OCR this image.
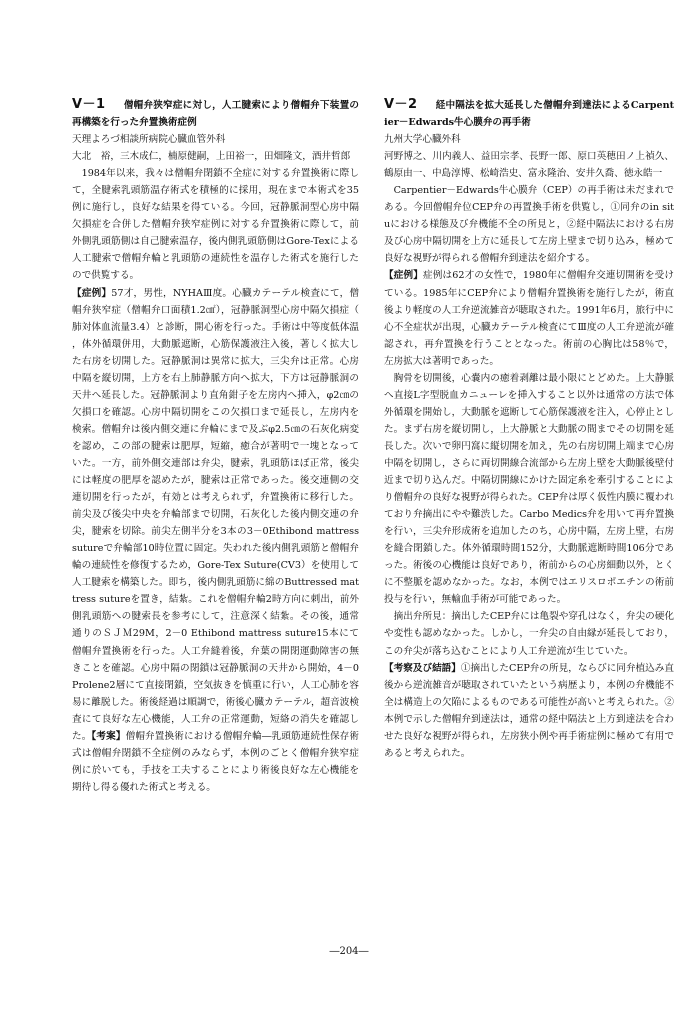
V－1 僧帽弁狭窄症に対し，人工腱索により僧帽弁下装置の再構築を行った弁置換術症例

天理よろづ相談所病院心臓血管外科

大北　裕，三木成仁，楠原健嗣，上田裕一，田畑隆文，酒井哲郎

1984年以来，我々は僧帽弁閉鎖不全症に対する弁置換術に際して，全腱索乳頭筋温存術式を積極的に採用，現在まで本術式を35例に施行し，良好な結果を得ている。今回，冠静脈洞型心房中隔欠損症を合併した僧帽弁狭窄症例に対する弁置換術に際して，前外側乳頭筋側は自己腱索温存，後内側乳頭筋側はGore-Texによる人工腱索で僧帽弁輪と乳頭筋の連続性を温存した術式を施行したので供覧する。

【症例】57才，男性，NYHAⅢ度。心臓カテーテル検査にて，僧帽弁狭窄症（僧帽弁口面積1.2㎠），冠静脈洞型心房中隔欠損症（肺対体血流量3.4）と診断，開心術を行った。手術は中等度低体温，体外循環併用，大動脈遮断，心筋保護液注入後，著しく拡大した右房を切開した。冠静脈洞は異常に拡大，三尖弁は正常。心房中隔を縦切開，上方を右上肺静脈方向へ拡大，下方は冠静脈洞の天井へ延長した。冠静脈洞より直角鉗子を左房内へ挿入，φ2㎝の欠損口を確認。心房中隔切開をこの欠損口まで延長し，左房内を検索。僧帽弁は後内側交連に弁輪にまで及ぶφ2.5㎝の石灰化病変を認め，この部の腱索は肥厚，短縮，癒合が著明で一塊となっていた。一方，前外側交連部は弁尖，腱索，乳頭筋ほぼ正常，後尖には軽度の肥厚を認めたが，腱索は正常であった。後交連側の交連切開を行ったが，有効とは考えられず，弁置換術に移行した。前尖及び後尖中央を弁輪部まで切開，石灰化した後内側交連の弁尖，腱索を切除。前尖左側半分を3本の3－0Ethibond mattress sutureで弁輪部10時位置に固定。失われた後内側乳頭筋と僧帽弁輪の連続性を修復するため，Gore-Tex Suture(CV3）を使用して人工腱索を構築した。即ち，後内側乳頭筋に綿のButtressed mattress sutureを置き，結紮。これを僧帽弁輪2時方向に刺出，前外側乳頭筋への腱索長を参考にして，注意深く結紮。その後，通常通りのＳＪＭ29M，2－0 Ethibond mattress suture15本にて僧帽弁置換術を行った。人工弁縫着後，弁葉の開閉運動障害の無きことを確認。心房中隔の閉鎖は冠静脈洞の天井から開始，4－0 Prolene2層にて直接閉鎖，空気抜きを慎重に行い，人工心肺を容易に離脱した。術後経過は順調で，術後心臓カテーテル，超音波検査にて良好な左心機能，人工弁の正常運動，短絡の消失を確認した。【考案】僧帽弁置換術における僧帽弁輪―乳頭筋連続性保存術式は僧帽弁閉鎖不全症例のみならず，本例のごとく僧帽弁狭窄症例に於いても，手技を工夫することにより術後良好な左心機能を期待し得る優れた術式と考える。

V－2 経中隔法を拡大延長した僧帽弁到達法によるCarpentier－Edwards牛心膜弁の再手術

九州大学心臓外科

河野博之、川内義人、益田宗孝、長野一郎、原口英穂田ノ上禎久、鶴原由一、中島淳博、松崎浩史、富永隆治、安井久喬、徳永皓一

Carpentier－Edwards牛心膜弁（CEP）の再手術は未だまれである。今回僧帽弁位CEP弁の再置換手術を供覧し，①同弁のin situにおける様態及び弁機能不全の所見と，②経中隔法における右房及び心房中隔切開を上方に延長して左房上壁まで切り込み，極めて良好な視野が得られる僧帽弁到達法を紹介する。

【症例】症例は62才の女性で，1980年に僧帽弁交連切開術を受けている。1985年にCEP弁により僧帽弁置換術を施行したが，術直後より軽度の人工弁逆流雑音が聴取された。1991年6月，旅行中に心不全症状が出現，心臓カテーテル検査にてⅢ度の人工弁逆流が確認され，再弁置換を行うこととなった。術前の心胸比は58％で，左房拡大は著明であった。

胸骨を切開後，心嚢内の癒着剥離は最小限にとどめた。上大静脈へ直接L字型脱血カニューレを挿入すること以外は通常の方法で体外循環を開始し，大動脈を遮断して心筋保護液を注入，心停止とした。まず右房を縦切開し，上大静脈と大動脈の間までその切開を延長した。次いで卵円窩に縦切開を加え，先の右房切開上端まで心房中隔を切開し，さらに両切開線合流部から左房上壁を大動脈後壁付近まで切り込んだ。中隔切開線にかけた固定糸を牽引することにより僧帽弁の良好な視野が得られた。CEP弁は厚く仮性内膜に覆われており弁摘出にやや難渋した。Carbo Medics弁を用いて再弁置換を行い，三尖弁形成術を追加したのち，心房中隔，左房上壁，右房を縫合閉鎖した。体外循環時間152分，大動脈遮断時間106分であった。術後の心機能は良好であり，術前からの心房細動以外，とくに不整脈を認めなかった。なお，本例ではエリスロポエチンの術前投与を行い，無輸血手術が可能であった。

摘出弁所見：摘出したCEP弁には亀裂や穿孔はなく，弁尖の硬化や変性も認めなかった。しかし，一弁尖の自由縁が延長しており，この弁尖が落ち込むことにより人工弁逆流が生じていた。

【考察及び結語】①摘出したCEP弁の所見，ならびに同弁植込み直後から逆流雑音が聴取されていたという病歴より，本例の弁機能不全は構造上の欠陥によるものである可能性が高いと考えられた。②本例で示した僧帽弁到達法は，通常の経中隔法と上方到達法を合わせた良好な視野が得られ，左房狭小例や再手術症例に極めて有用であると考えられた。

―204―
